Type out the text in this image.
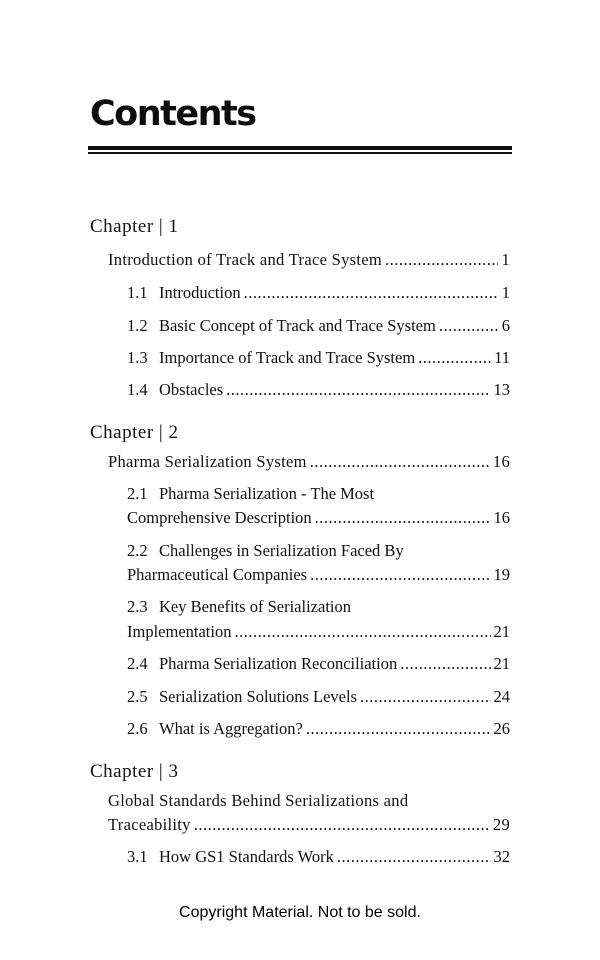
Contents
Chapter | 1
Introduction of Track and Trace System .....	1
1.1 Introduction .....	1
1.2 Basic Concept of Track and Trace System .....	6
1.3 Importance of Track and Trace System .....	11
1.4 Obstacles .....	13
Chapter | 2
Pharma Serialization System .....	16
2.1 Pharma Serialization - The Most
Comprehensive Description .....	16
2.2 Challenges in Serialization Faced By
Pharmaceutical Companies .....	19
2.3 Key Benefits of Serialization
Implementation .....	21
2.4 Pharma Serialization Reconciliation .....	21
2.5 Serialization Solutions Levels .....	24
2.6 What is Aggregation? .....	26
Chapter | 3
Global Standards Behind Serializations and
Traceability .....	29
3.1 How GS1 Standards Work .....	32
Copyright Material. Not to be sold.
